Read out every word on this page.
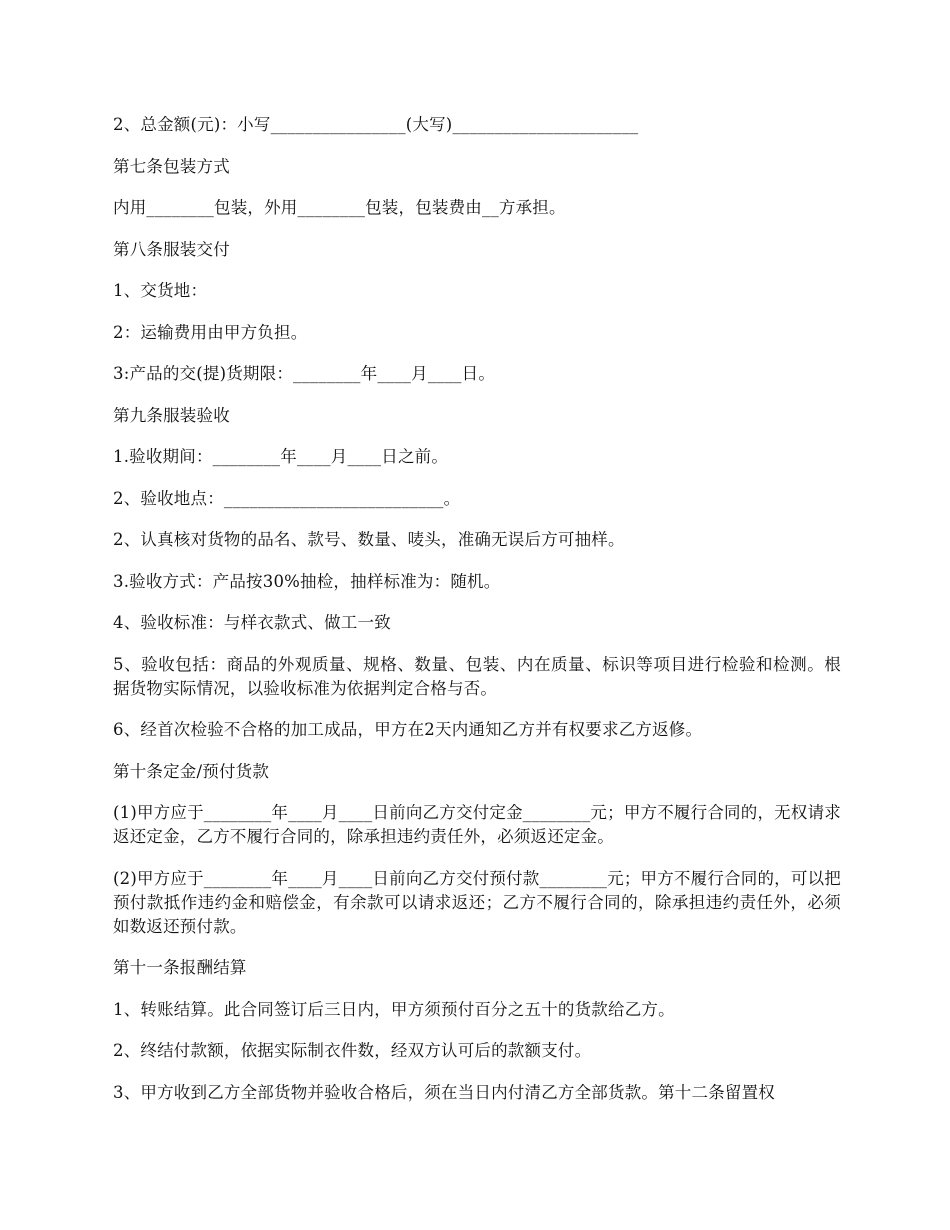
2、总金额(元)：小写________________(大写)______________________

第七条包装方式

内用________包装，外用________包装，包装费由__方承担。

第八条服装交付

1、交货地：

2：运输费用由甲方负担。

3:产品的交(提)货期限：________年____月____日。

第九条服装验收

1.验收期间：________年____月____日之前。

2、验收地点：__________________________。

2、认真核对货物的品名、款号、数量、唛头，准确无误后方可抽样。

3.验收方式：产品按30%抽检，抽样标准为：随机。

4、验收标准：与样衣款式、做工一致

5、验收包括：商品的外观质量、规格、数量、包装、内在质量、标识等项目进行检验和检测。根据货物实际情况，以验收标准为依据判定合格与否。

6、经首次检验不合格的加工成品，甲方在2天内通知乙方并有权要求乙方返修。

第十条定金/预付货款

(1)甲方应于________年____月____日前向乙方交付定金________元；甲方不履行合同的，无权请求返还定金，乙方不履行合同的，除承担违约责任外，必须返还定金。

(2)甲方应于________年____月____日前向乙方交付预付款________元；甲方不履行合同的，可以把预付款抵作违约金和赔偿金，有余款可以请求返还；乙方不履行合同的，除承担违约责任外，必须如数返还预付款。

第十一条报酬结算

1、转账结算。此合同签订后三日内，甲方须预付百分之五十的货款给乙方。

2、终结付款额，依据实际制衣件数，经双方认可后的款额支付。

3、甲方收到乙方全部货物并验收合格后，须在当日内付清乙方全部货款。第十二条留置权
